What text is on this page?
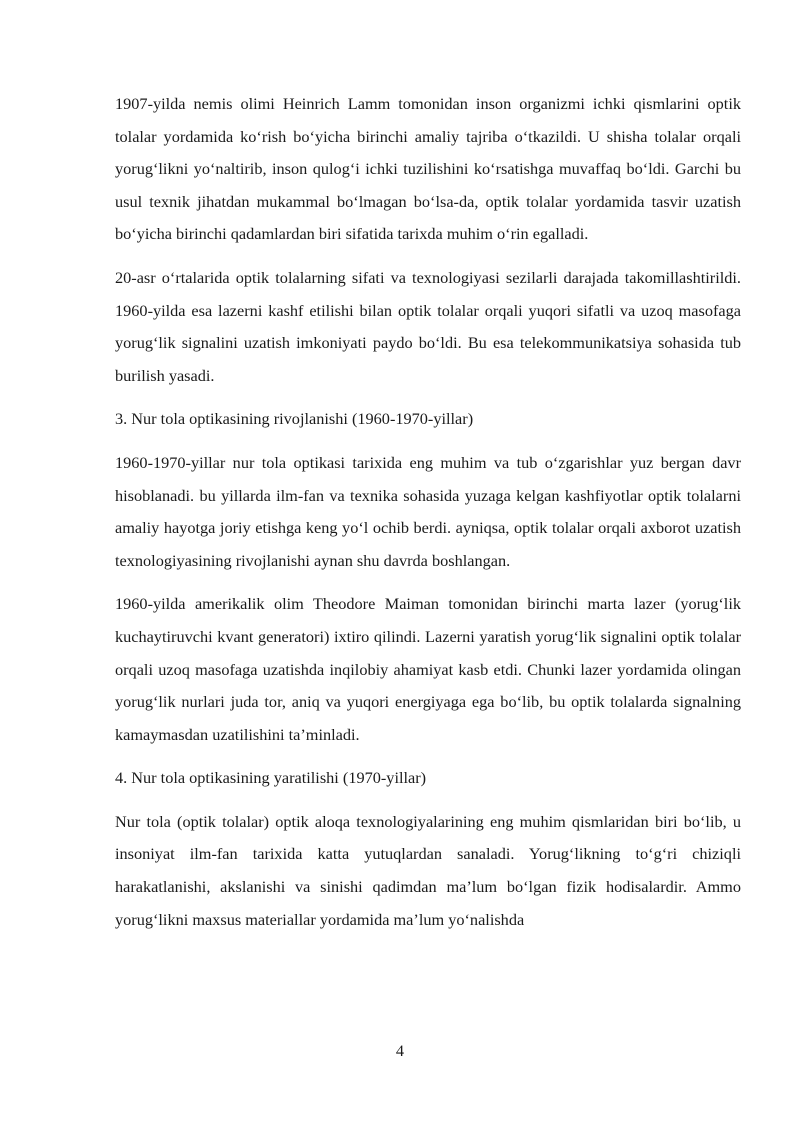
1907-yilda nemis olimi Heinrich Lamm tomonidan inson organizmi ichki qismlarini optik tolalar yordamida ko‘rish bo‘yicha birinchi amaliy tajriba o‘tkazildi. U shisha tolalar orqali yorug‘likni yo‘naltirib, inson qulog‘i ichki tuzilishini ko‘rsatishga muvaffaq bo‘ldi. Garchi bu usul texnik jihatdan mukammal bo‘lmagan bo‘lsa-da, optik tolalar yordamida tasvir uzatish bo‘yicha birinchi qadamlardan biri sifatida tarixda muhim o‘rin egalladi.

20-asr o‘rtalarida optik tolalarning sifati va texnologiyasi sezilarli darajada takomillashtirildi. 1960-yilda esa lazerni kashf etilishi bilan optik tolalar orqali yuqori sifatli va uzoq masofaga yorug‘lik signalini uzatish imkoniyati paydo bo‘ldi. Bu esa telekommunikatsiya sohasida tub burilish yasadi.

3. Nur tola optikasining rivojlanishi (1960-1970-yillar)

1960-1970-yillar nur tola optikasi tarixida eng muhim va tub o‘zgarishlar yuz bergan davr hisoblanadi. bu yillarda ilm-fan va texnika sohasida yuzaga kelgan kashfiyotlar optik tolalarni amaliy hayotga joriy etishga keng yo‘l ochib berdi. ayniqsa, optik tolalar orqali axborot uzatish texnologiyasining rivojlanishi aynan shu davrda boshlangan.

1960-yilda amerikalik olim Theodore Maiman tomonidan birinchi marta lazer (yorug‘lik kuchaytiruvchi kvant generatori) ixtiro qilindi. Lazerni yaratish yorug‘lik signalini optik tolalar orqali uzoq masofaga uzatishda inqilobiy ahamiyat kasb etdi. Chunki lazer yordamida olingan yorug‘lik nurlari juda tor, aniq va yuqori energiyaga ega bo‘lib, bu optik tolalarda signalning kamaymasdan uzatilishini ta’minladi.

4. Nur tola optikasining yaratilishi (1970-yillar)

Nur tola (optik tolalar) optik aloqa texnologiyalarining eng muhim qismlaridan biri bo‘lib, u insoniyat ilm-fan tarixida katta yutuqlardan sanaladi. Yorug‘likning to‘g‘ri chiziqli harakatlanishi, akslanishi va sinishi qadimdan ma’lum bo‘lgan fizik hodisalardir. Ammo yorug‘likni maxsus materiallar yordamida ma’lum yo‘nalishda

4
